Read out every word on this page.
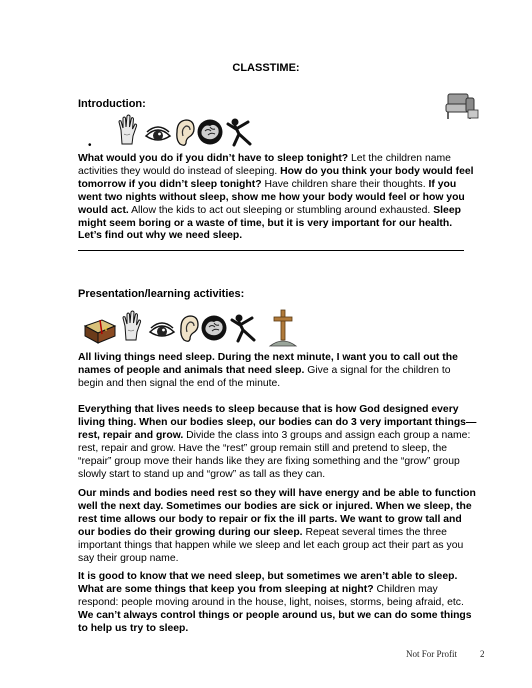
CLASSTIME:
Introduction:
•
What would you do if you didn’t have to sleep tonight? Let the children name activities they would do instead of sleeping. How do you think your body would feel tomorrow if you didn’t sleep tonight? Have children share their thoughts. If you went two nights without sleep, show me how your body would feel or how you would act. Allow the kids to act out sleeping or stumbling around exhausted. Sleep might seem boring or a waste of time, but it is very important for our health. Let’s find out why we need sleep.
Presentation/learning activities:
All living things need sleep. During the next minute, I want you to call out the names of people and animals that need sleep. Give a signal for the children to begin and then signal the end of the minute.
Everything that lives needs to sleep because that is how God designed every living thing. When our bodies sleep, our bodies can do 3 very important things—rest, repair and grow. Divide the class into 3 groups and assign each group a name: rest, repair and grow. Have the “rest” group remain still and pretend to sleep, the “repair” group move their hands like they are fixing something and the “grow” group slowly start to stand up and “grow” as tall as they can.
Our minds and bodies need rest so they will have energy and be able to function well the next day. Sometimes our bodies are sick or injured. When we sleep, the rest time allows our body to repair or fix the ill parts. We want to grow tall and our bodies do their growing during our sleep. Repeat several times the three important things that happen while we sleep and let each group act their part as you say their group name.
It is good to know that we need sleep, but sometimes we aren’t able to sleep. What are some things that keep you from sleeping at night? Children may respond: people moving around in the house, light, noises, storms, being afraid, etc. We can’t always control things or people around us, but we can do some things to help us try to sleep.
Not For Profit	2
